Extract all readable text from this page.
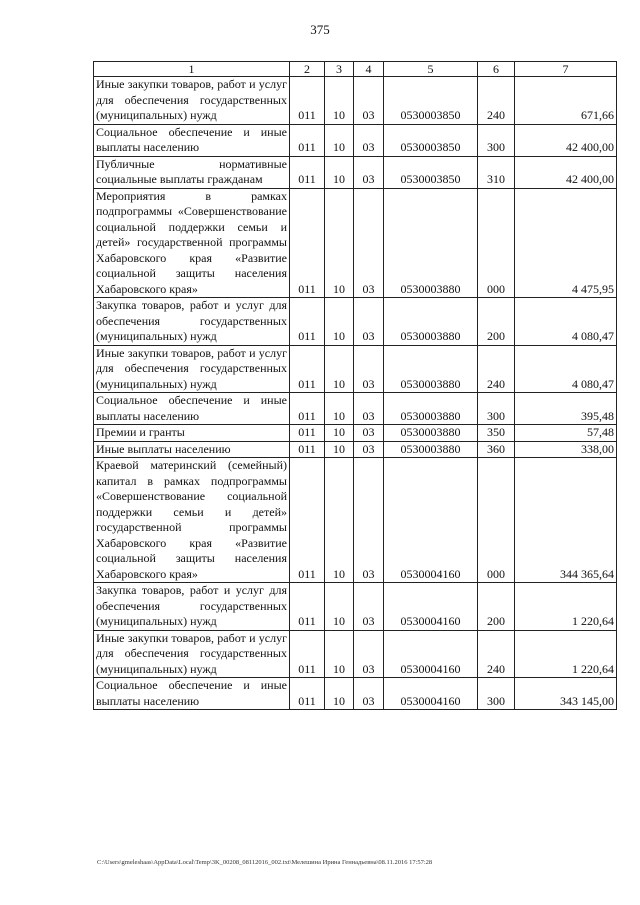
375
1	2	3	4	5	6	7
Иные закупки товаров, работ и услуг для обеспечения государственных (муниципальных) нужд	011	10	03	0530003850	240	671,66
Социальное обеспечение и иные выплаты населению	011	10	03	0530003850	300	42 400,00
Публичные нормативные социальные выплаты гражданам	011	10	03	0530003850	310	42 400,00
Мероприятия в рамках подпрограммы «Совершенствование социальной поддержки семьи и детей» государственной программы Хабаровского края «Развитие социальной защиты населения Хабаровского края»	011	10	03	0530003880	000	4 475,95
Закупка товаров, работ и услуг для обеспечения государственных (муниципальных) нужд	011	10	03	0530003880	200	4 080,47
Иные закупки товаров, работ и услуг для обеспечения государственных (муниципальных) нужд	011	10	03	0530003880	240	4 080,47
Социальное обеспечение и иные выплаты населению	011	10	03	0530003880	300	395,48
Премии и гранты	011	10	03	0530003880	350	57,48
Иные выплаты населению	011	10	03	0530003880	360	338,00
Краевой материнский (семейный) капитал в рамках подпрограммы «Совершенствование социальной поддержки семьи и детей» государственной программы Хабаровского края «Развитие социальной защиты населения Хабаровского края»	011	10	03	0530004160	000	344 365,64
Закупка товаров, работ и услуг для обеспечения государственных (муниципальных) нужд	011	10	03	0530004160	200	1 220,64
Иные закупки товаров, работ и услуг для обеспечения государственных (муниципальных) нужд	011	10	03	0530004160	240	1 220,64
Социальное обеспечение и иные выплаты населению	011	10	03	0530004160	300	343 145,00
C:\Users\gmeleshaas\AppData\Local\Temp\3K_00208_08112016_002.txt\Мелешина Ирина Геннадьевна\08.11.2016 17:57:28
